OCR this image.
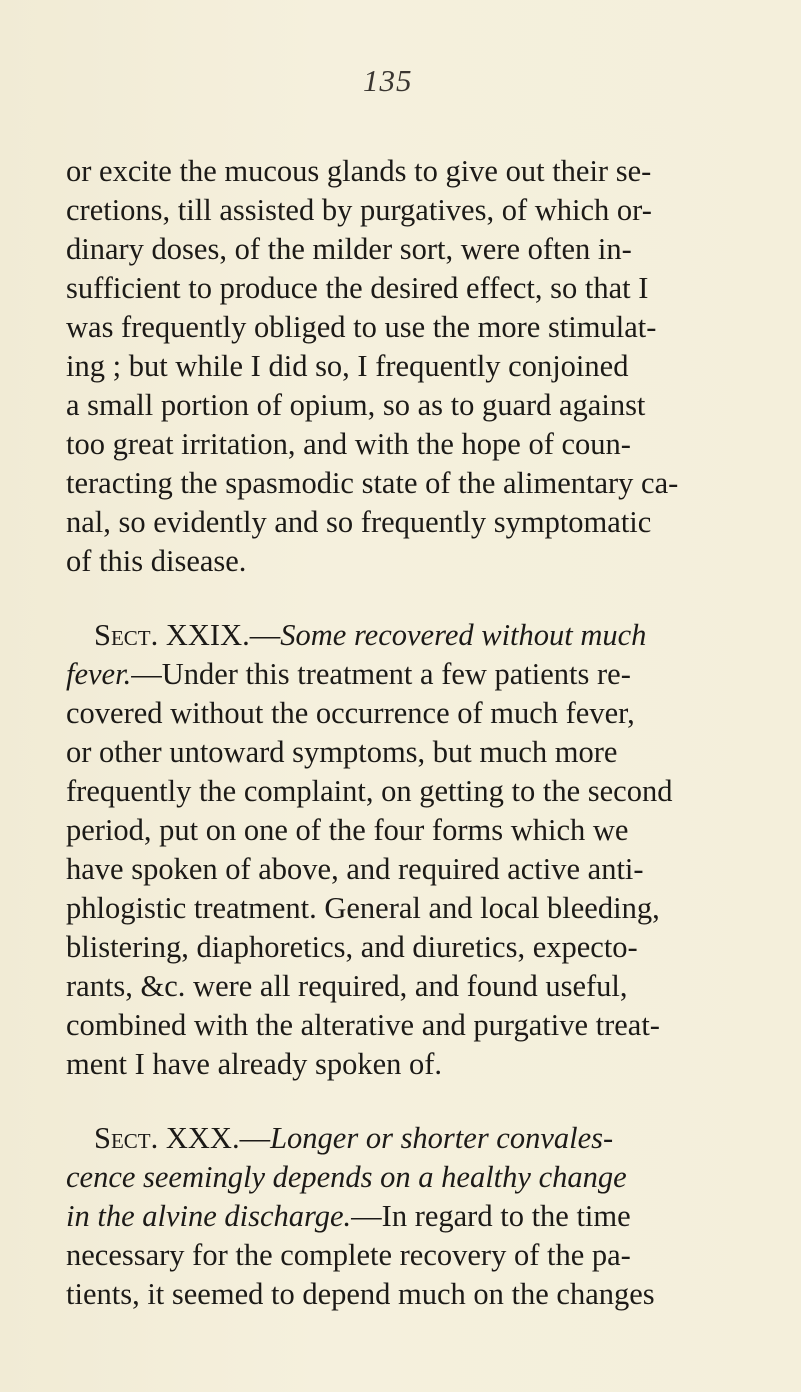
135
or excite the mucous glands to give out their se-
cretions, till assisted by purgatives, of which or-
dinary doses, of the milder sort, were often in-
sufficient to produce the desired effect, so that I
was frequently obliged to use the more stimulat-
ing ; but while I did so, I frequently conjoined
a small portion of opium, so as to guard against
too great irritation, and with the hope of coun-
teracting the spasmodic state of the alimentary ca-
nal, so evidently and so frequently symptomatic
of this disease.
Sect. XXIX.—Some recovered without much
fever.—Under this treatment a few patients re-
covered without the occurrence of much fever,
or other untoward symptoms, but much more
frequently the complaint, on getting to the second
period, put on one of the four forms which we
have spoken of above, and required active anti-
phlogistic treatment. General and local bleeding,
blistering, diaphoretics, and diuretics, expecto-
rants, &c. were all required, and found useful,
combined with the alterative and purgative treat-
ment I have already spoken of.
Sect. XXX.—Longer or shorter convales-
cence seemingly depends on a healthy change
in the alvine discharge.—In regard to the time
necessary for the complete recovery of the pa-
tients, it seemed to depend much on the changes
